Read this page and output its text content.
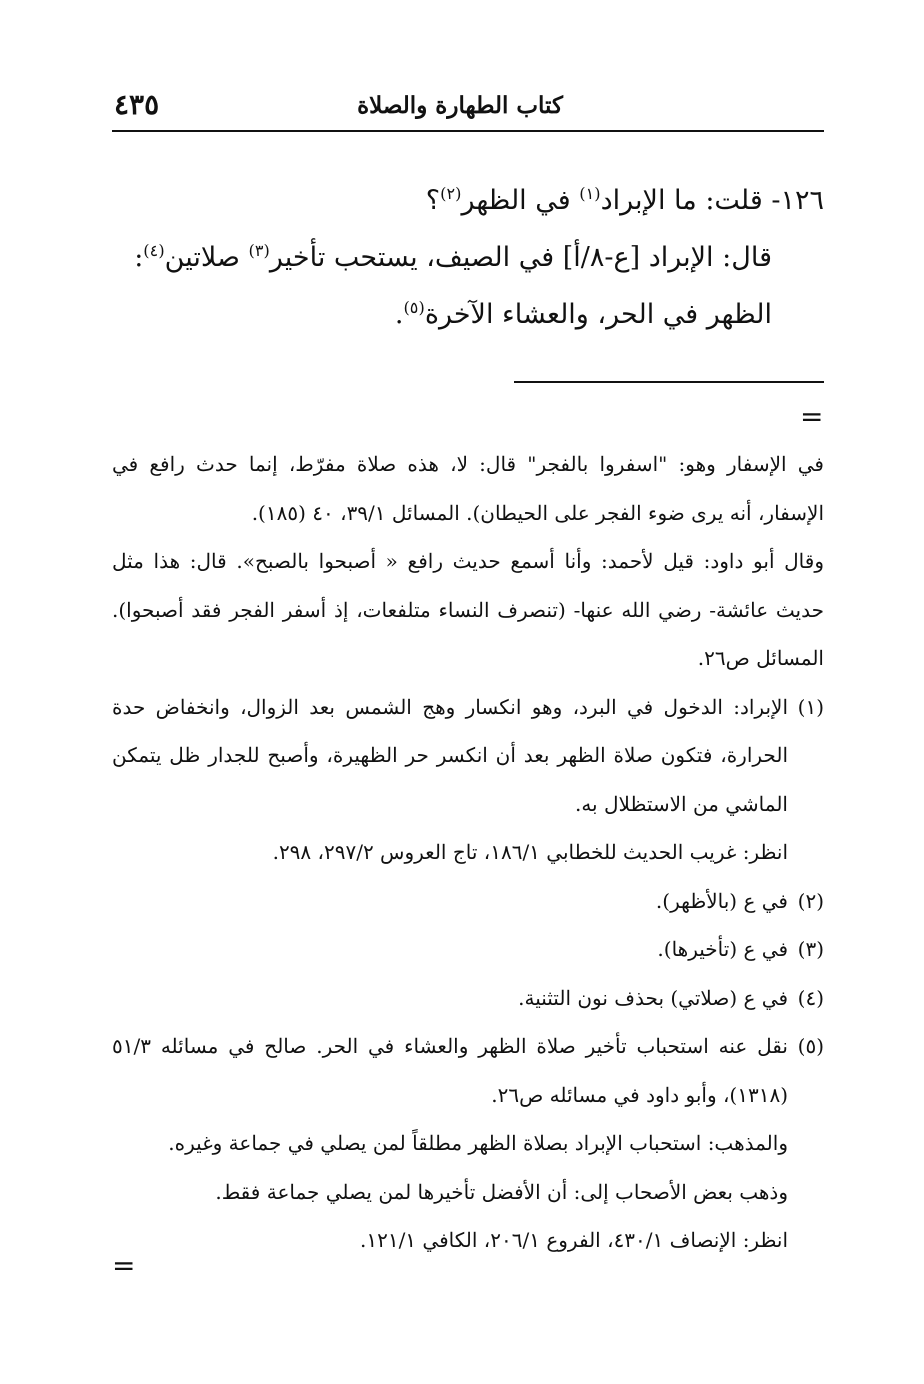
كتاب الطهارة والصلاة
٤٣٥

١٢٦- قلت: ما الإبراد$^{(١)}$ في الظهر$^{(٢)}$؟

قال: الإبراد [ع-٨/أ] في الصيف، يستحب تأخير$^{(٣)}$ صلاتين$^{(٤)}$:

الظهر في الحر، والعشاء الآخرة$^{(٥)}$.

=

في الإسفار وهو: "اسفروا بالفجر" قال: لا، هذه صلاة مفرّط، إنما حدث رافع في الإسفار، أنه يرى ضوء الفجر على الحيطان). المسائل ٣٩/١، ٤٠ (١٨٥).

وقال أبو داود: قيل لأحمد: وأنا أسمع حديث رافع « أصبحوا بالصبح». قال: هذا مثل حديث عائشة- رضي الله عنها- (تنصرف النساء متلفعات، إذ أسفر الفجر فقد أصبحوا). المسائل ص٢٦.

(١)

الإبراد: الدخول في البرد، وهو انكسار وهج الشمس بعد الزوال، وانخفاض حدة الحرارة، فتكون صلاة الظهر بعد أن انكسر حر الظهيرة، وأصبح للجدار ظل يتمكن الماشي من الاستظلال به.

انظر: غريب الحديث للخطابي ١٨٦/١، تاج العروس ٢٩٧/٢، ٢٩٨.

(٢)

في ع (بالأظهر).

(٣)

في ع (تأخيرها).

(٤)

في ع (صلاتي) بحذف نون التثنية.

(٥)

نقل عنه استحباب تأخير صلاة الظهر والعشاء في الحر. صالح في مسائله ٥١/٣ (١٣١٨)، وأبو داود في مسائله ص٢٦.

والمذهب: استحباب الإبراد بصلاة الظهر مطلقاً لمن يصلي في جماعة وغيره.

وذهب بعض الأصحاب إلى: أن الأفضل تأخيرها لمن يصلي جماعة فقط.

انظر: الإنصاف ٤٣٠/١، الفروع ٢٠٦/١، الكافي ١٢١/١.

=
